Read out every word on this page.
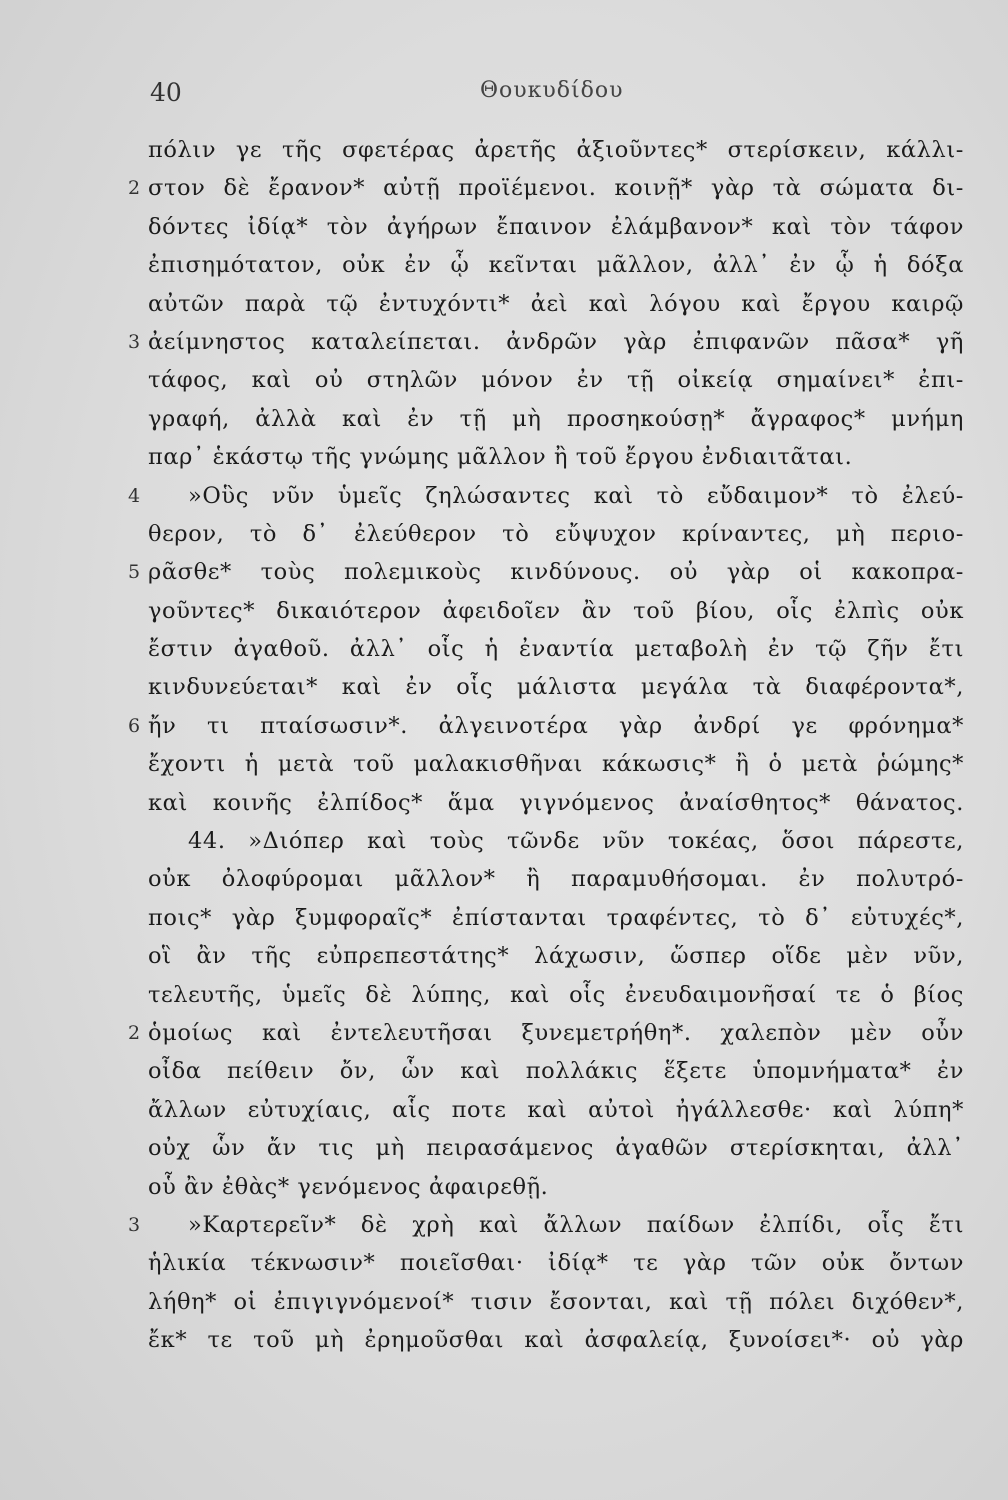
40	Θουκυδίδου
πόλιν γε τῆς σφετέρας ἀρετῆς ἀξιοῦντες* στερίσκειν, κάλλι-
2 στον δὲ ἔρανον* αὐτῇ προϊέμενοι. κοινῇ* γὰρ τὰ σώματα δι-
δόντες ἰδίᾳ* τὸν ἀγήρων ἔπαινον ἐλάμβανον* καὶ τὸν τάφον
ἐπισημότατον, οὐκ ἐν ᾧ κεῖνται μᾶλλον, ἀλλ᾽ ἐν ᾧ ἡ δόξα
αὐτῶν παρὰ τῷ ἐντυχόντι* ἀεὶ καὶ λόγου καὶ ἔργου καιρῷ
3 ἀείμνηστος καταλείπεται. ἀνδρῶν γὰρ ἐπιφανῶν πᾶσα* γῆ
τάφος, καὶ οὐ στηλῶν μόνον ἐν τῇ οἰκείᾳ σημαίνει* ἐπι-
γραφή, ἀλλὰ καὶ ἐν τῇ μὴ προσηκούσῃ* ἄγραφος* μνήμη
παρ᾽ ἑκάστῳ τῆς γνώμης μᾶλλον ἢ τοῦ ἔργου ἐνδιαιτᾶται.
4	»Οὓς νῦν ὑμεῖς ζηλώσαντες καὶ τὸ εὔδαιμον* τὸ ἐλεύ-
θερον, τὸ δ᾽ ἐλεύθερον τὸ εὔψυχον κρίναντες, μὴ περιο-
5 ρᾶσθε* τοὺς πολεμικοὺς κινδύνους. οὐ γὰρ οἱ κακοπρα-
γοῦντες* δικαιότερον ἀφειδοῖεν ἂν τοῦ βίου, οἷς ἐλπὶς οὐκ
ἔστιν ἀγαθοῦ. ἀλλ᾽ οἷς ἡ ἐναντία μεταβολὴ ἐν τῷ ζῆν ἔτι
κινδυνεύεται* καὶ ἐν οἷς μάλιστα μεγάλα τὰ διαφέροντα*,
6 ἤν τι πταίσωσιν*. ἀλγεινοτέρα γὰρ ἀνδρί γε φρόνημα*
ἔχοντι ἡ μετὰ τοῦ μαλακισθῆναι κάκωσις* ἢ ὁ μετὰ ῥώμης*
καὶ κοινῆς ἐλπίδος* ἅμα γιγνόμενος ἀναίσθητος* θάνατος.
44. »Διόπερ καὶ τοὺς τῶνδε νῦν τοκέας, ὅσοι πάρεστε,
οὐκ ὀλοφύρομαι μᾶλλον* ἢ παραμυθήσομαι. ἐν πολυτρό-
ποις* γὰρ ξυμφοραῖς* ἐπίστανται τραφέντες, τὸ δ᾽ εὐτυχές*,
οἳ ἂν τῆς εὐπρεπεστάτης* λάχωσιν, ὥσπερ οἵδε μὲν νῦν,
τελευτῆς, ὑμεῖς δὲ λύπης, καὶ οἷς ἐνευδαιμονῆσαί τε ὁ βίος
2 ὁμοίως καὶ ἐντελευτῆσαι ξυνεμετρήθη*. χαλεπὸν μὲν οὖν
οἶδα πείθειν ὄν, ὧν καὶ πολλάκις ἕξετε ὑπομνήματα* ἐν
ἄλλων εὐτυχίαις, αἷς ποτε καὶ αὐτοὶ ἠγάλλεσθε· καὶ λύπη*
οὐχ ὧν ἄν τις μὴ πειρασάμενος ἀγαθῶν στερίσκηται, ἀλλ᾽
οὗ ἂν ἐθὰς* γενόμενος ἀφαιρεθῇ.
3	»Καρτερεῖν* δὲ χρὴ καὶ ἄλλων παίδων ἐλπίδι, οἷς ἔτι
ἡλικία τέκνωσιν* ποιεῖσθαι· ἰδίᾳ* τε γὰρ τῶν οὐκ ὄντων
λήθη* οἱ ἐπιγιγνόμενοί* τισιν ἔσονται, καὶ τῇ πόλει διχόθεν*,
ἔκ* τε τοῦ μὴ ἐρημοῦσθαι καὶ ἀσφαλείᾳ, ξυνοίσει*· οὐ γὰρ
